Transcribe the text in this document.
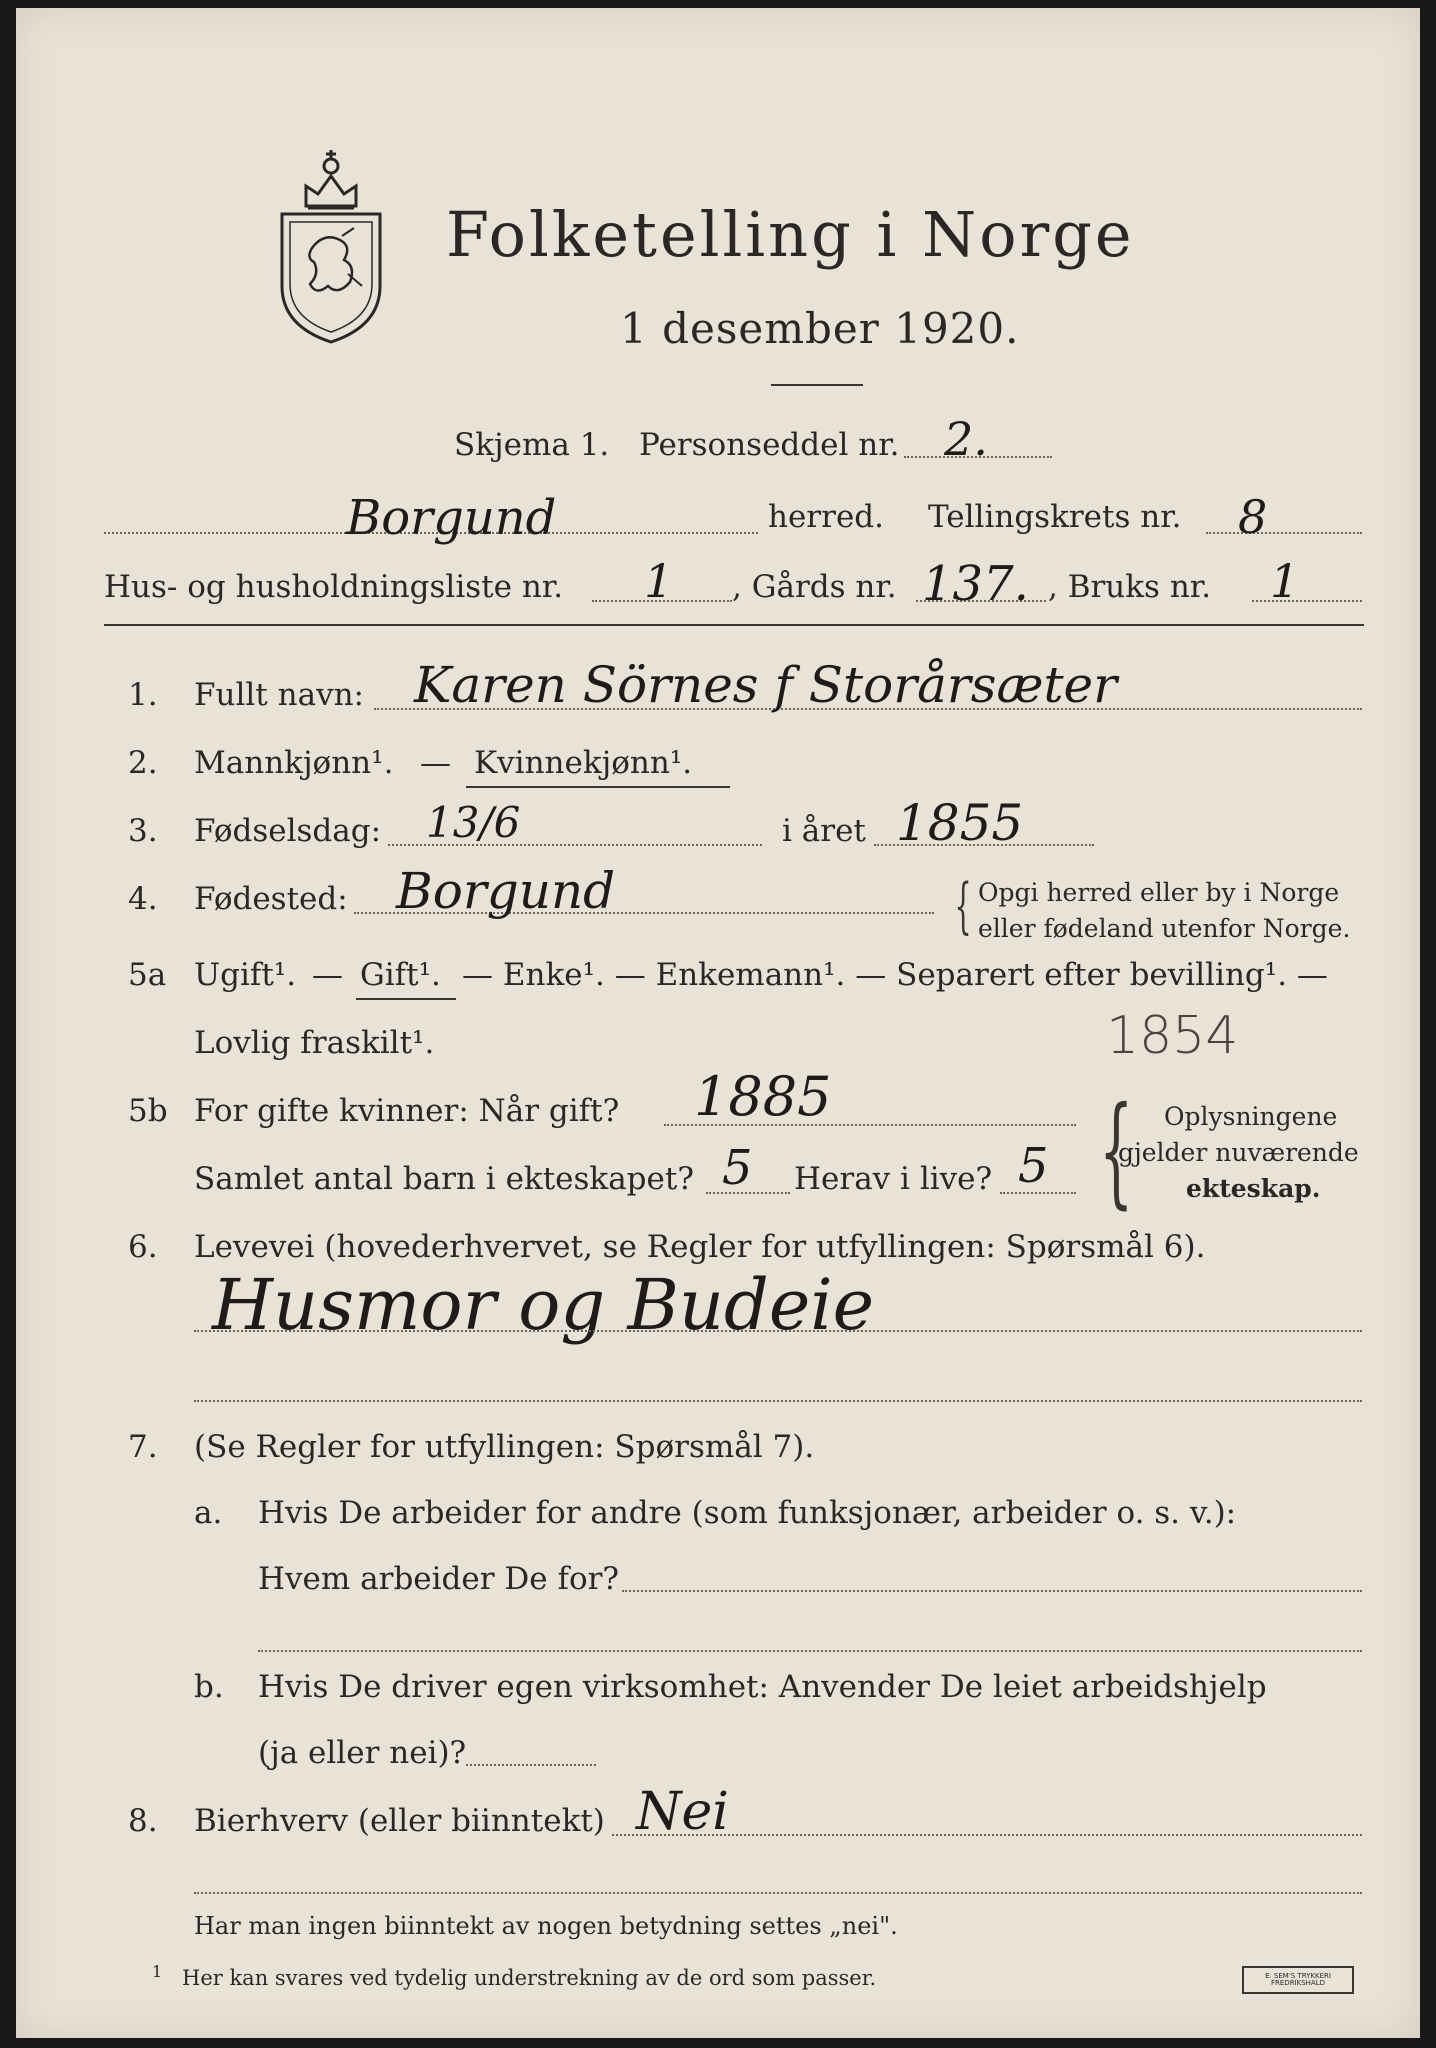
Folketelling i Norge
1 desember 1920.
Skjema 1. Personseddel nr. 2.
Borgund	herred. Tellingskrets nr. 8
Hus- og husholdningsliste nr. 1 , Gårds nr. 137. , Bruks nr. 1
1. Fullt navn: Karen Sörnes f Storårsæter
2. Mannkjønn¹. — Kvinnekjønn¹.
3. Fødselsdag: 13/6	i året 1855
4. Fødested: Borgund	{ Opgi herred eller by i Norge
eller fødeland utenfor Norge.
5a Ugift¹. — Gift¹. — Enke¹. — Enkemann¹. — Separert efter bevilling¹. —
Lovlig fraskilt¹.	1854
5b For gifte kvinner: Når gift? 1885
Samlet antal barn i ekteskapet? 5 Herav i live? 5 { Oplysningene
gjelder nuværende
ekteskap.
6. Levevei (hovederhvervet, se Regler for utfyllingen: Spørsmål 6).
Husmor og Budeie
7. (Se Regler for utfyllingen: Spørsmål 7).
a. Hvis De arbeider for andre (som funksjonær, arbeider o. s. v.):
Hvem arbeider De for?
b. Hvis De driver egen virksomhet: Anvender De leiet arbeidshjelp
(ja eller nei)?
8. Bierhverv (eller biinntekt) Nei
Har man ingen biinntekt av nogen betydning settes „nei".
1 Her kan svares ved tydelig understrekning av de ord som passer.	E. SEM'S TRYKKERI FREDRIKSHALD
